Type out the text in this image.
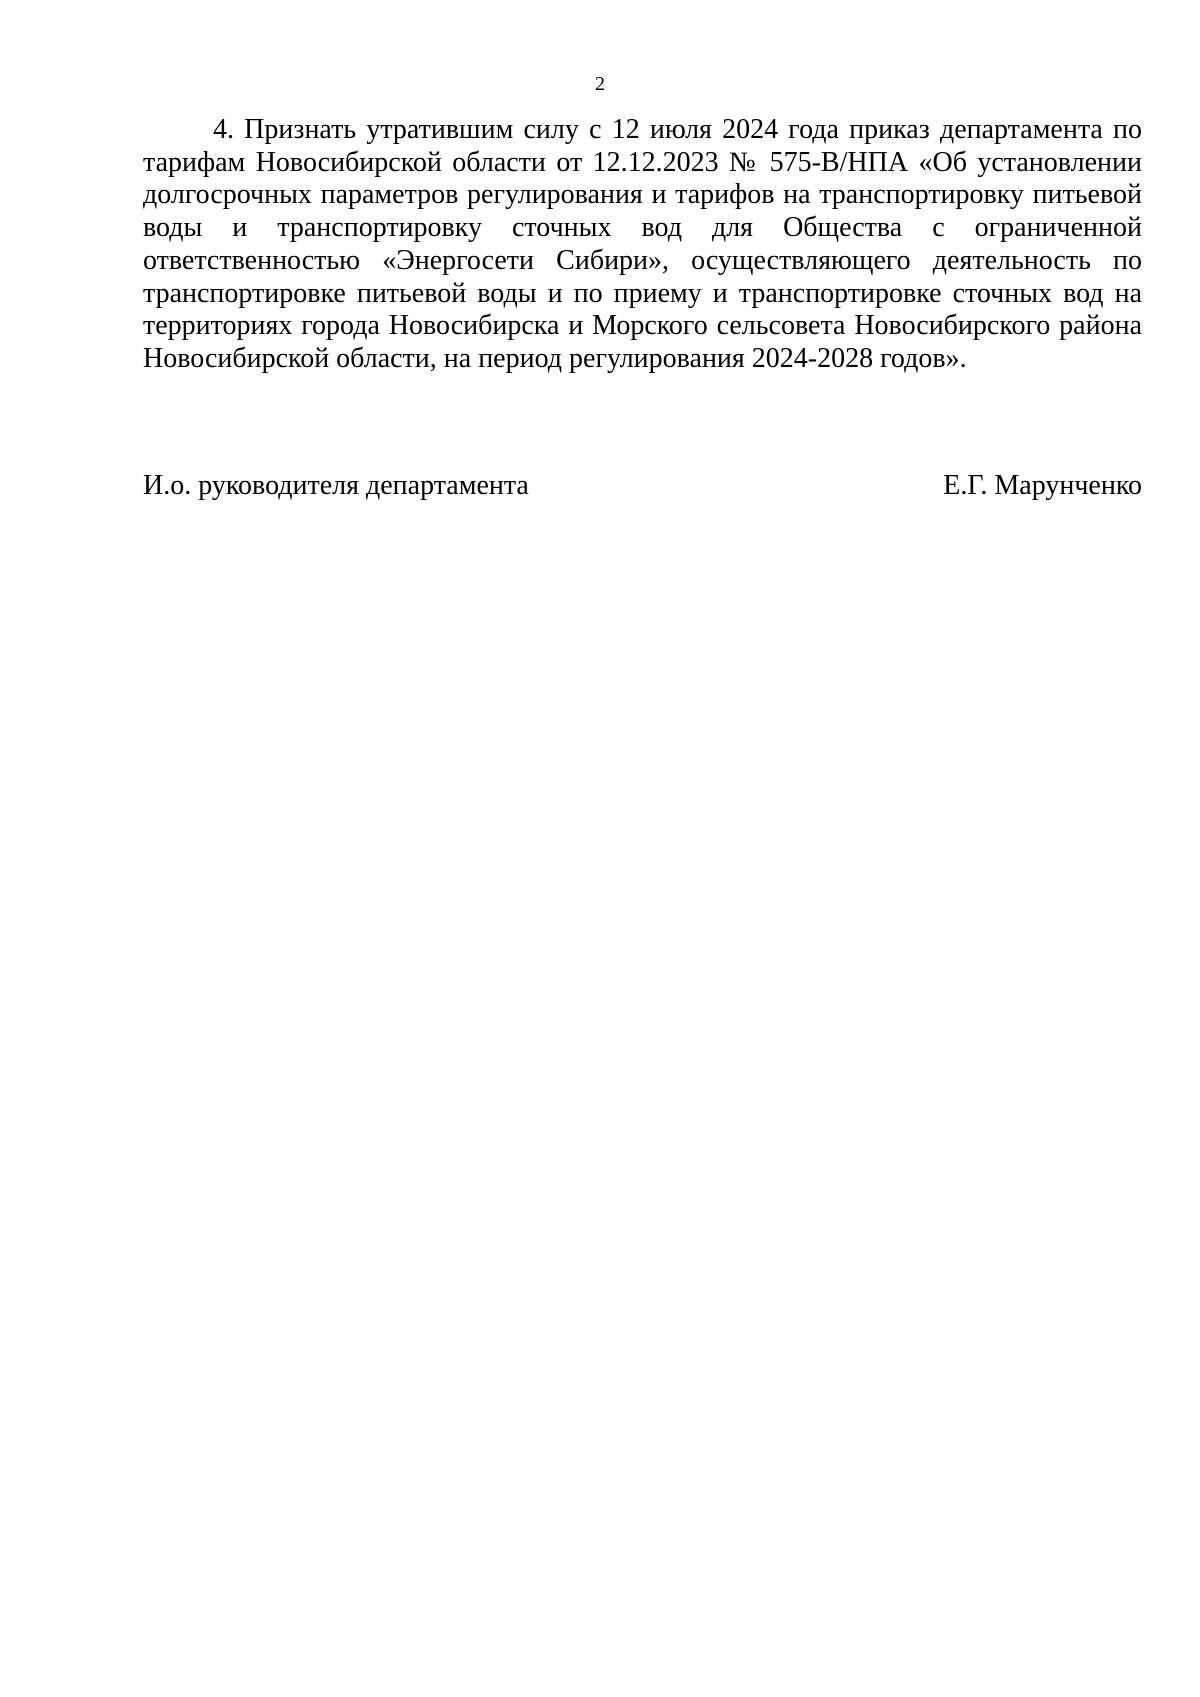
2

4. Признать утратившим силу с 12 июля 2024 года приказ департамента по тарифам Новосибирской области от 12.12.2023 № 575-В/НПА «Об установлении долгосрочных параметров регулирования и тарифов на транспортировку питьевой воды и транспортировку сточных вод для Общества с ограниченной ответственностью «Энергосети Сибири», осуществляющего деятельность по транспортировке питьевой воды и по приему и транспортировке сточных вод на территориях города Новосибирска и Морского сельсовета Новосибирского района Новосибирской области, на период регулирования 2024-2028 годов».

И.о. руководителя департамента	Е.Г. Марунченко
